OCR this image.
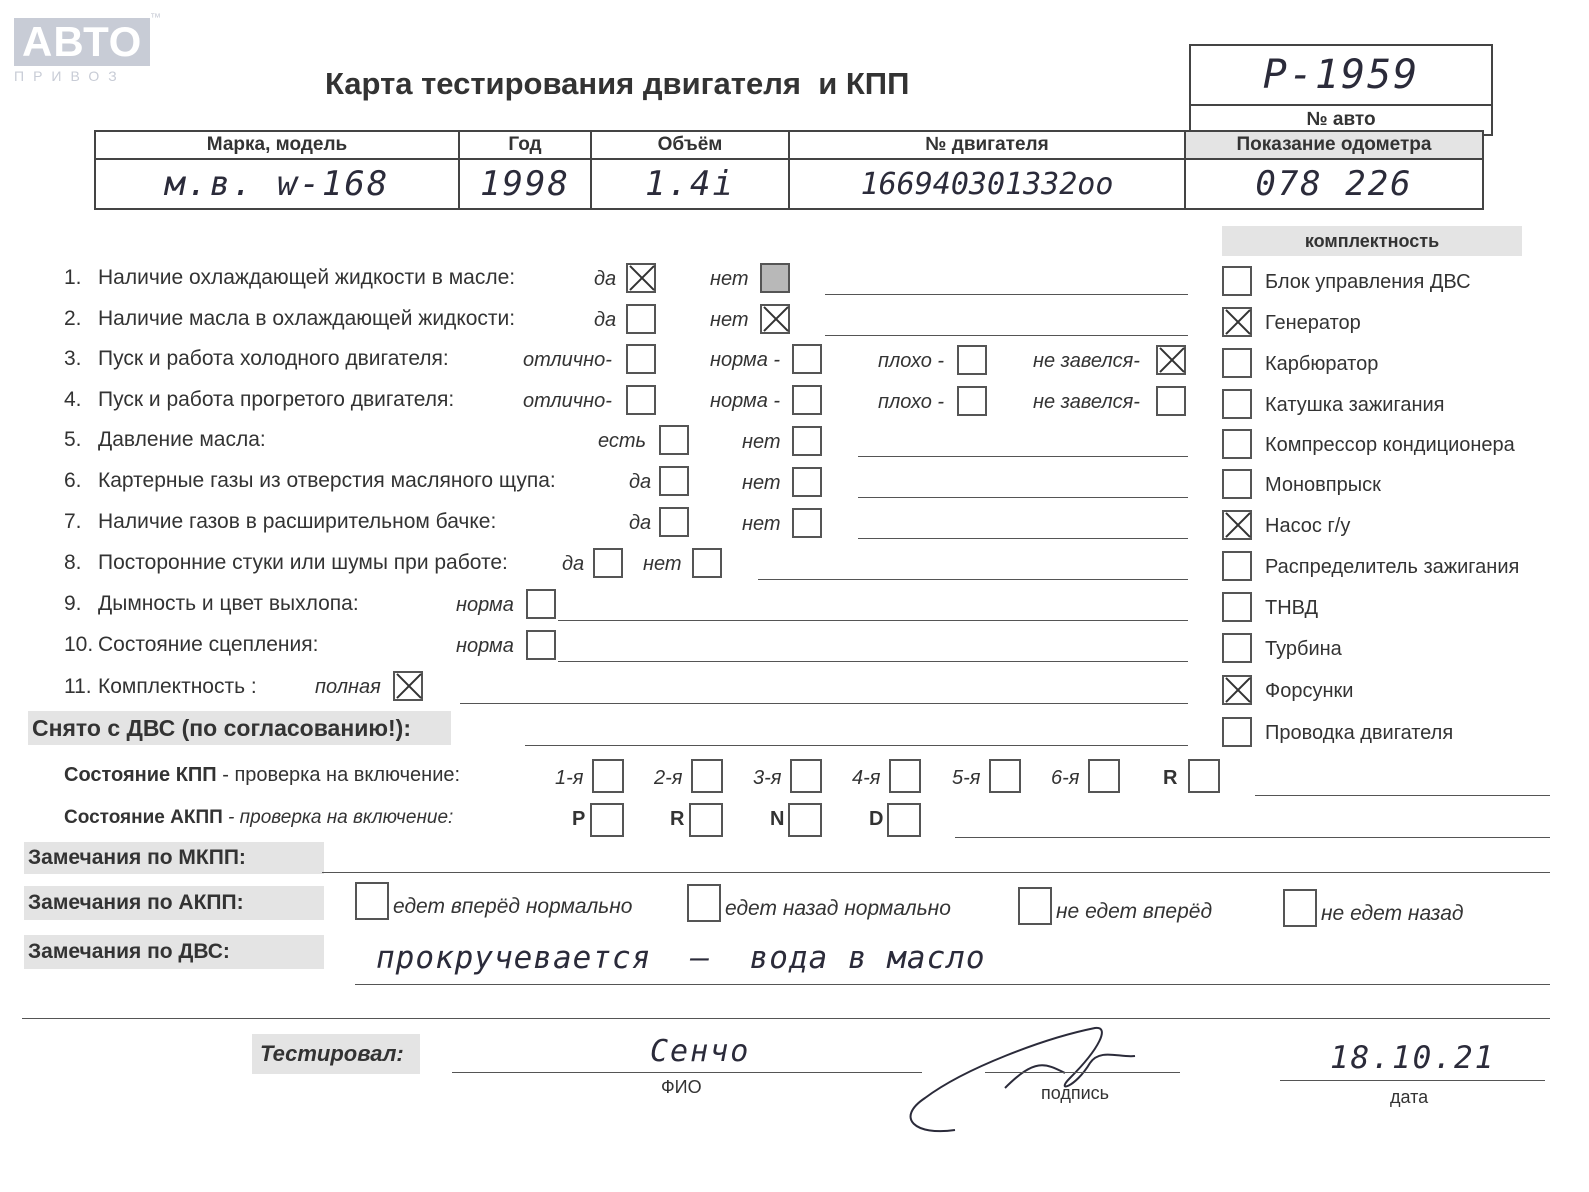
АВТО
ПРИВОЗ
™
Карта тестирования двигателя  и КПП	Р-1959
№ авто
Марка, модель	Год	Объём	№ двигателя	Показание одометра
м.в. w-168	1998	1.4i	166940301332oo	078 226
комплектность
1. Наличие охлаждающей жидкости в масле:	да	нет
2. Наличие масла в охлаждающей жидкости:	да	нет
3. Пуск и работа холодного двигателя:	отлично-	норма -	плохо -	не завелся-
4. Пуск и работа прогретого двигателя:	отлично-	норма -	плохо -	не завелся-
5. Давление масла:	есть	нет
6. Картерные газы из отверстия масляного щупа:	да	нет
7. Наличие газов в расширительном бачке:	да	нет
8. Посторонние стуки или шумы при работе:	да	нет
9. Дымность и цвет выхлопа:	норма
10. Состояние сцепления:	норма
11. Комплектность :	полная
Блок управления ДВС
Генератор
Карбюратор
Катушка зажигания
Компрессор кондиционера
Моновпрыск
Насос г/у
Распределитель зажигания
ТНВД
Турбина
Форсунки
Проводка двигателя
Снято с ДВС (по согласованию!):
Состояние КПП - проверка на включение:	1-я	2-я	3-я	4-я	5-я	6-я	R
Состояние АКПП - проверка на включение:	P	R	N	D
Замечания по МКПП:
Замечания по АКПП:	едет вперёд нормально	едет назад нормально	не едет вперёд	не едет назад
Замечания по ДВС:	прокручевается  —  вода в масло
Тестировал:	Сенчо
ФИО	подпись
18.10.21
дата
